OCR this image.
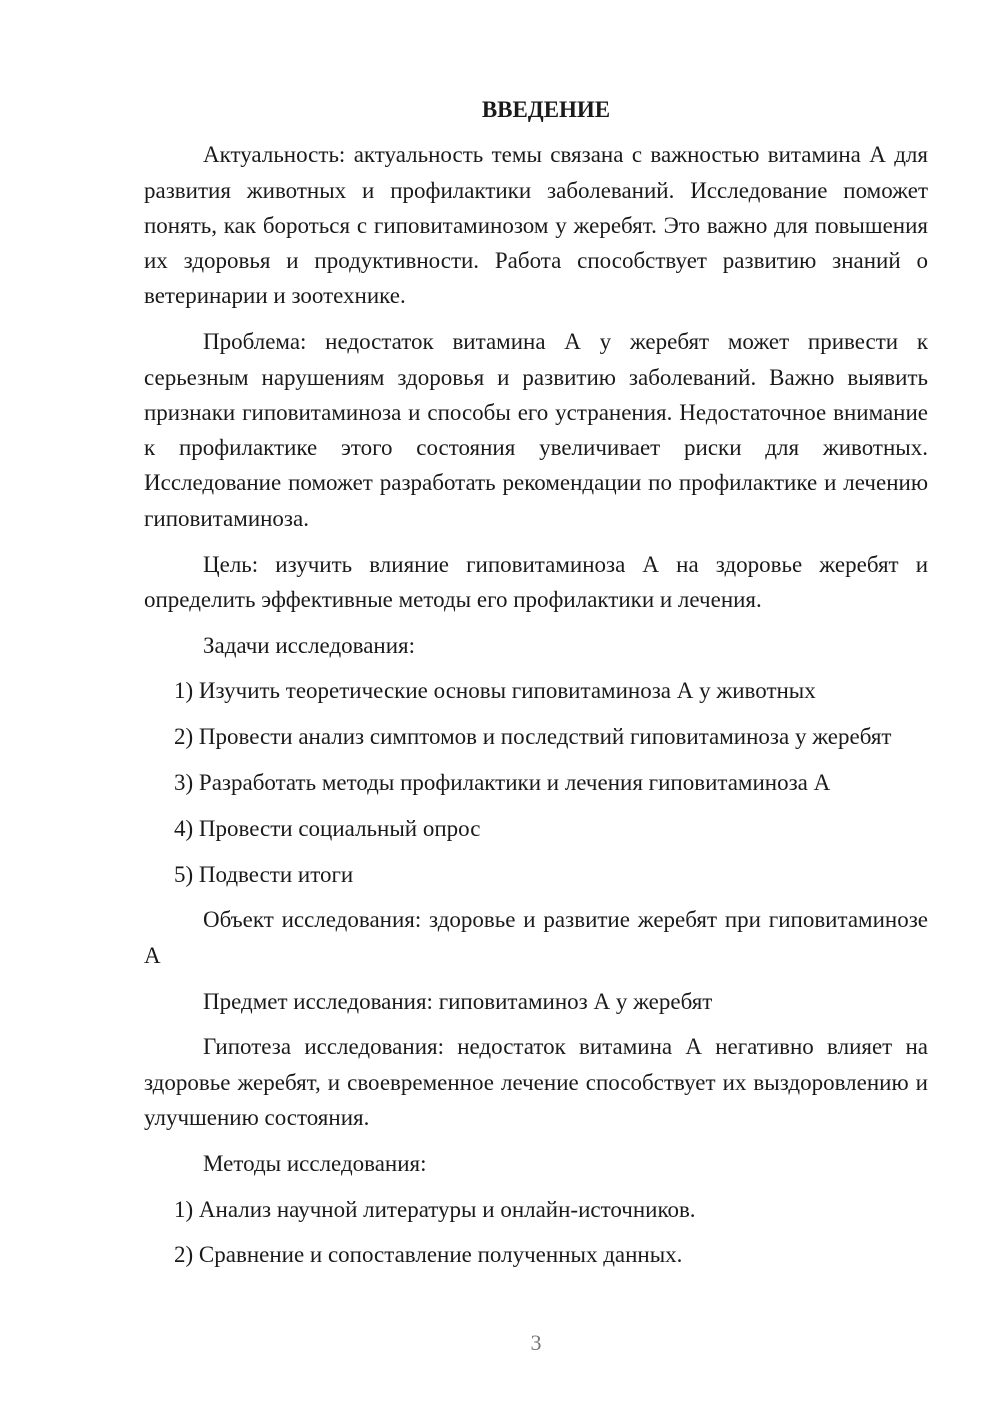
ВВЕДЕНИЕ
Актуальность: актуальность темы связана с важностью витамина А для развития животных и профилактики заболеваний. Исследование поможет понять, как бороться с гиповитаминозом у жеребят. Это важно для повышения их здоровья и продуктивности. Работа способствует развитию знаний о ветеринарии и зоотехнике.
Проблема: недостаток витамина А у жеребят может привести к серьезным нарушениям здоровья и развитию заболеваний. Важно выявить признаки гиповитаминоза и способы его устранения. Недостаточное внимание к профилактике этого состояния увеличивает риски для животных. Исследование поможет разработать рекомендации по профилактике и лечению гиповитаминоза.
Цель: изучить влияние гиповитаминоза А на здоровье жеребят и определить эффективные методы его профилактики и лечения.
Задачи исследования:
1) Изучить теоретические основы гиповитаминоза А у животных
2) Провести анализ симптомов и последствий гиповитаминоза у жеребят
3) Разработать методы профилактики и лечения гиповитаминоза А
4) Провести социальный опрос
5) Подвести итоги
Объект исследования: здоровье и развитие жеребят при гиповитаминозе А
Предмет исследования: гиповитаминоз А у жеребят
Гипотеза исследования: недостаток витамина А негативно влияет на здоровье жеребят, и своевременное лечение способствует их выздоровлению и улучшению состояния.
Методы исследования:
1) Анализ научной литературы и онлайн-источников.
2) Сравнение и сопоставление полученных данных.
3
